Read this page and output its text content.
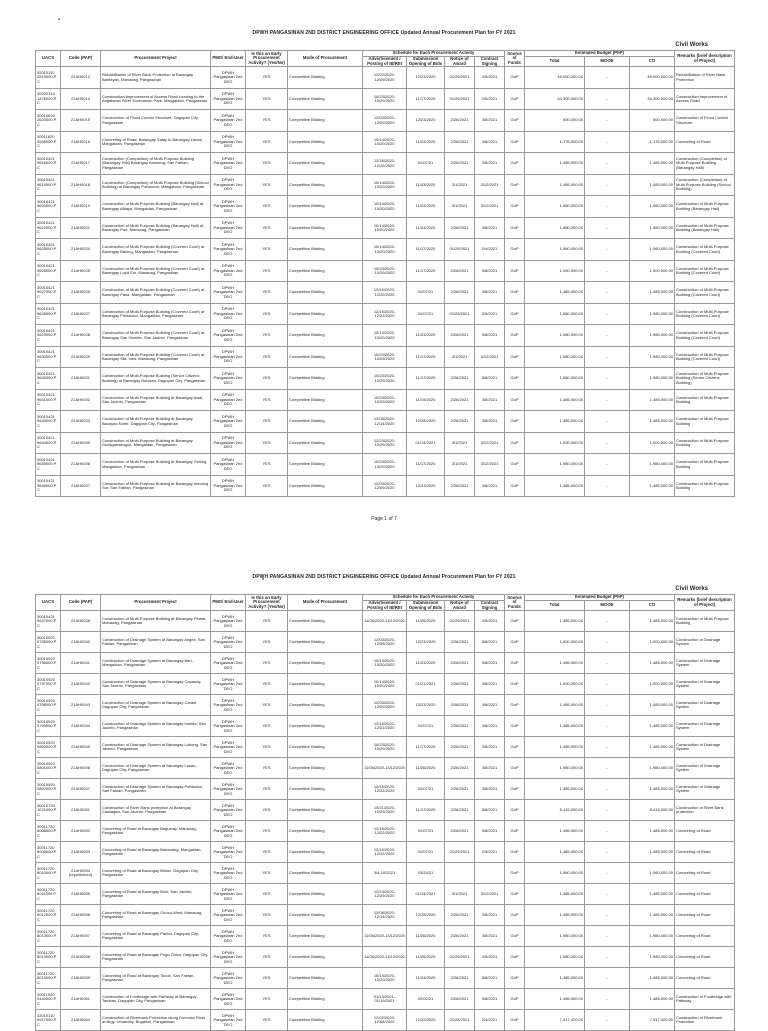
DPWH PANGASINAN 2ND DISTRICT ENGINEERING OFFICE Updated Annual Procurement Plan for FY 2021
Civil Works
UACS	Code (PAP)	Procurement Project	PMO/ End-User	Is this an Early Procurement Activity? (Yes/No)	Mode of Procurement	Schedule for Each Procurement Activity				Source of Funds	Estimated Budget (PhP)			Remarks (brief description of Project)
						Advertisement / Posting of IB/REI	Submission/ Opening of Bids	Notice of Award	Contract Signing		Total	MOOE	CO	
32010110 0519000.P C	21AH0012	Rehabilitation of River Bank Protection at Barangay Bantayan, Manaoag, Pangasinan	DPWH Pangasinan 2nd DEO	YES	Competitive Bidding	12/02/2020-12/09/2020	12/23/2020	01/29/2021	2/5/2021	GoP	49,000,000.00	-	49,000,000.00	Rehabilitation of River Bank Protection
30020310 1476000.P C	21AH0014	Construction/Improvement of Access Road Leading to the Angalacan River Ecotourism Park, Mangaldan, Pangasinan	DPWH Pangasinan 2nd DEO	YES	Competitive Bidding	10/23/2020-10/29/2020	11/17/2020	01/29/2021	2/5/2021	GoP	34,300,000.00	-	34,300,000.00	Construction/Improvement of Access Road
30010620 2620000.P C	21AH0015	Construction of Flood Control Structure, Dagupan City, Pangasinan	DPWH Pangasinan 2nd DEO	YES	Competitive Bidding	12/03/2020-12/09/2020	12/23/2020	2/26/2021	3/8/2021	GoP	500,000.00	-	500,000.00	Construction of Flood Control Structure
30011620 3945000.P C	21AH0016	Concreting of Road, Barangay Salay to Barangay Lanas, Mangaldan, Pangasinan	DPWH Pangasinan 2nd DEO	YES	Competitive Bidding	10/14/2020-10/20/2020	11/03/2020	2/26/2021	3/8/2021	GoP	1,176,000.00	-	1,176,000.00	Concreting of Road
30010421 9616000.P C	21AH0017	Construction (Completion) of Multi-Purpose Building (Barangay Hall) Barangay Anonang, San Fabian, Pangasinan	DPWH Pangasinan 2nd DEO	YES	Competitive Bidding	12/16/2020-12/22/2020	01/07/21	2/26/2021	3/8/2021	GoP	1,485,000.00	-	1,485,000.00	Construction (Completion) of Multi-Purpose Building (Barangay Hall)
30010421 9619000.P C	21AH0018	Construction (Completion) of Multi-Purpose Building (School Building) at Barangay Poblacion, Mangaldan, Pangasinan	DPWH Pangasinan 2nd DEO	YES	Competitive Bidding	10/14/2020-10/20/2020	11/03/2020	3/1/2021	3/12/2021	GoP	1,485,000.00	-	1,485,000.00	Construction (Completion) of Multi-Purpose Building (School Building)
30010421 9620000.P C	21AH0019	Construction of Multi-Purpose Building (Barangay Hall) at Barangay Alitaya, Mangaldan, Pangasinan	DPWH Pangasinan 2nd DEO	YES	Competitive Bidding	10/14/2020-10/20/2020	11/03/2020	3/1/2021	3/12/2021	GoP	1,980,000.00	-	1,980,000.00	Construction of Multi-Purpose Building (Barangay Hall)
30010421 9622000.P C	21AH0021	Construction of Multi-Purpose Building (Barangay Hall) at Barangay Pao, Manaoag, Pangasinan	DPWH Pangasinan 2nd DEO	YES	Competitive Bidding	10/14/2020-10/20/2020	11/03/2020	2/26/2021	3/8/2021	GoP	1,980,000.00	-	1,980,000.00	Construction of Multi-Purpose Building (Barangay Hall)
30010421 9625000.P C	21AH0024	Construction of Multi-Purpose Building (Covered Court) at Barangay Balong, Mangaldan, Pangasinan	DPWH Pangasinan 2nd DEO	YES	Competitive Bidding	10/14/2020-10/20/2020	11/17/2020	01/29/2021	2/4/2021	GoP	1,980,000.00	-	1,980,000.00	Construction of Multi-Purpose Building (Covered Court)
30010421 9626000.P C	21AH0025	Construction of Multi-Purpose Building (Covered Court) at Barangay Lupit Sur, Manaoag, Pangasinan	DPWH Pangasinan 2nd DEO	YES	Competitive Bidding	10/23/2020-10/29/2020	11/17/2020	2/26/2021	3/8/2021	GoP	1,000,000.00	-	1,000,000.00	Construction of Multi-Purpose Building (Covered Court)
30010421 9627000.P C	21AH0026	Construction of Multi-Purpose Building (Covered Court) at Barangay Pasa, Mangaldan, Pangasinan	DPWH Pangasinan 2nd DEO	YES	Competitive Bidding	12/16/2020-12/22/2020	01/07/21	2/26/2021	3/8/2021	GoP	1,485,000.00	-	1,485,000.00	Construction of Multi-Purpose Building (Covered Court)
30010421 9628000.P C	21AH0027	Construction of Multi-Purpose Building (Covered Court) at Barangay Poblacion, Mangaldan, Pangasinan	DPWH Pangasinan 2nd DEO	YES	Competitive Bidding	12/16/2020-12/22/2020	01/07/21	01/29/2021	2/5/2021	GoP	1,980,000.00	-	1,980,000.00	Construction of Multi-Purpose Building (Covered Court)
30010421 9629000.P C	21AH0028	Construction of Multi-Purpose Building (Covered Court) at Barangay San Vicente, San Jacinto, Pangasinan	DPWH Pangasinan 2nd DEO	YES	Competitive Bidding	10/14/2020-10/20/2020	11/03/2020	2/26/2021	3/8/2021	GoP	1,980,000.00	-	1,980,000.00	Construction of Multi-Purpose Building (Covered Court)
30010421 9630000.P C	21AH0029	Construction of Multi-Purpose Building (Covered Court) at Barangay Sta. Ines, Manaoag, Pangasinan	DPWH Pangasinan 2nd DEO	YES	Competitive Bidding	10/23/2020-10/29/2020	11/17/2020	3/1/2021	3/12/2021	GoP	1,980,000.00	-	1,980,000.00	Construction of Multi-Purpose Building (Covered Court)
30010421 9640000.P C	21AH0031	Construction of Multi-Purpose Building (Senior Citizens Building) at Barangay Bolosan, Dagupan City, Pangasinan	DPWH Pangasinan 2nd DEO	YES	Competitive Bidding	10/23/2020-10/29/2020	11/17/2020	2/26/2021	3/8/2021	GoP	1,980,000.00	-	1,980,000.00	Construction of Multi-Purpose Building (Senior Citizens Building)
30010421 9641000.P C	21AH0032	Construction of Multi-Purpose Building at Barangay Awai, San Jacinto, Pangasinan	DPWH Pangasinan 2nd DEO	YES	Competitive Bidding	10/23/2020-10/29/2020	11/19/2020	2/26/2021	3/8/2021	GoP	1,485,000.00	-	1,485,000.00	Construction of Multi-Purpose Building
30010421 9643000.P C	21AH0033	Construction of Multi-Purpose Building at Barangay Bacayao Norte, Dagupan City, Pangasinan	DPWH Pangasinan 2nd DEO	YES	Competitive Bidding	12/08/2020-12/14/2020	12/28/2020	2/26/2021	3/8/2021	GoP	1,485,000.00	-	1,485,000.00	Construction of Multi-Purpose Building
30010421 9644000.P C	21AH0035	Construction of Multi-Purpose Building at Barangay Guesguesangon, Mangaldan, Pangasinan	DPWH Pangasinan 2nd DEO	YES	Competitive Bidding	12/23/2020-12/29/2020	01/14/2021	3/1/2021	3/12/2021	GoP	1,000,000.00	-	1,000,000.00	Construction of Multi-Purpose Building
30010421 9645000.P C	21AH0036	Construction of Multi-Purpose Building at Barangay Guiling, Mangaldan, Pangasinan	DPWH Pangasinan 2nd DEO	YES	Competitive Bidding	10/23/2020-10/29/2020	11/17/2020	3/1/2021	3/12/2021	GoP	1,980,000.00	-	1,980,000.00	Construction of Multi-Purpose Building
30010421 9646000.P C	21AH0037	Construction of Multi-Purpose Building at Barangay Inmalog Sur, San Fabian, Pangasinan	DPWH Pangasinan 2nd DEO	YES	Competitive Bidding	12/03/2020-12/09/2020	12/23/2020	2/26/2021	3/8/2021	GoP	1,485,000.00	-	1,485,000.00	Construction of Multi-Purpose Building
Page 1 of 7
DPWH PANGASINAN 2ND DISTRICT ENGINEERING OFFICE Updated Annual Procurement Plan for FY 2021
Civil Works
UACS	Code (PAP)	Procurement Project	PMO/ End-User	Is this an Early Procurement Activity? (Yes/No)	Mode of Procurement	Schedule for Each Procurement Activity				Source of Funds	Estimated Budget (PhP)			Remarks (brief description of Project)
						Advertisement / Posting of IB/REI	Submission/ Opening of Bids	Notice of Award	Contract Signing		Total	MOOE	CO	
30010421 9647000.P C	21AH0038	Construction of Multi-Purpose Building at Barangay Pantal, Manaoag, Pangasinan	DPWH Pangasinan 2nd DEO	YES	Competitive Bidding	11/06/2020-11/12/2020	11/26/2020	01/29/2021	2/5/2021	GoP	1,485,000.00	-	1,485,000.00	Construction of Multi-Purpose Building
30010920 0795000.P C	21AH0040	Construction of Drainage System at Barangay Anges, San Fabian, Pangasinan	DPWH Pangasinan 2nd DEO	YES	Competitive Bidding	12/03/2020-12/09/2020	12/23/2020	2/26/2021	3/8/2021	GoP	1,000,000.00	-	1,000,000.00	Construction of Drainage System
30010920 0796000.P C	21AH0041	Construction of Drainage System at Barangay Bari, Mangaldan, Pangasinan	DPWH Pangasinan 2nd DEO	YES	Competitive Bidding	10/14/2020-10/20/2020	11/03/2020	2/26/2021	3/8/2021	GoP	1,485,000.00	-	1,485,000.00	Construction of Drainage System
30010920 0797000.P C	21AH0042	Construction of Drainage System at Barangay Capaoay, San Jacinto, Pangasinan	DPWH Pangasinan 2nd DEO	YES	Competitive Bidding	10/14/2020-10/20/2020	01/21/2021	2/26/2021	3/8/2021	GoP	1,000,000.00	-	1,000,000.00	Construction of Drainage System
30010920 0798000.P C	21AH0043	Construction of Drainage System at Barangay Carael, Dagupan City, Pangasinan	DPWH Pangasinan 2nd DEO	YES	Competitive Bidding	12/03/2020-12/09/2020	12/23/2020	2/26/2021	3/8/2021	GoP	1,485,000.00	-	1,485,000.00	Construction of Drainage System
30010920 0799000.P C	21AH0044	Construction of Drainage System at Barangay Imelda, San Jacinto, Pangasinan	DPWH Pangasinan 2nd DEO	YES	Competitive Bidding	12/16/2020-12/22/2020	01/07/21	2/26/2021	3/8/2021	GoP	1,485,000.00	-	1,485,000.00	Construction of Drainage System
30010920 0800000.P C	21AH0045	Construction of Drainage System at Barangay Lobong, San Jacinto, Pangasinan	DPWH Pangasinan 2nd DEO	YES	Competitive Bidding	10/23/2020-10/29/2020	11/17/2020	2/26/2021	3/8/2021	GoP	1,485,000.00	-	1,485,000.00	Construction of Drainage System
30010920 0801000.P C	21AH0046	Construction of Drainage System at Barangay Lucao, Dagupan City, Pangasinan	DPWH Pangasinan 2nd DEO	YES	Competitive Bidding	11/06/2020-11/12/2020	11/26/2020	2/26/2021	3/8/2021	GoP	1,980,000.00	-	1,980,000.00	Construction of Drainage System
30010920 0802000.P C	21AH0047	Construction of Drainage System at Barangay Poblacion, San Fabian, Pangasinan	DPWH Pangasinan 2nd DEO	YES	Competitive Bidding	12/16/2020-12/22/2020	01/07/21	2/26/2021	3/8/2021	GoP	1,485,000.00	-	1,485,000.00	Construction of Drainage System
30010720 1021000.P C	21AH0051	Construction of River Bank protection at Barangay Casilagan, San Jacinto, Pangasinan	DPWH Pangasinan 2nd DEO	YES	Competitive Bidding	10/21/2020-10/29/2020	11/17/2020	2/26/2021	3/8/2021	GoP	8,415,000.00	-	8,415,000.00	Construction of River Bank protection
30011720 8008000.P C	21AH0052	Concreting of Road at Barangay Baguinay, Manaoag, Pangasinan	DPWH Pangasinan 2nd DEO	YES	Competitive Bidding	12/16/2020-12/22/2020	01/07/21	2/26/2021	3/8/2021	GoP	1,485,000.00	-	1,485,000.00	Concreting of Road
30011720 8009000.P C	21AH0053	Concreting of Road at Barangay Banaoang, Mangaldan, Pangasinan	DPWH Pangasinan 2nd DEO	YES	Competitive Bidding	12/16/2020-12/22/2020	01/07/21	01/29/2021	2/5/2021	GoP	1,485,000.00	-	1,485,000.00	Concreting of Road
30011720 8010000.P C	21AH0054 (republished)	Concreting of Road at Barangay Binloc, Dagupan City, Pangasinan	DPWH Pangasinan 2nd DEO	YES	Competitive Bidding	3/4-10/2021	03/24/21			GoP	1,980,000.00	-	1,980,000.00	Concreting of Road
30011720 8011000.P C	21AH0055	Concreting of Road at Barangay Bolo, San Jacinto, Pangasinan	DPWH Pangasinan 2nd DEO	YES	Competitive Bidding	12/23/2020-12/29/2020	01/14/2021	3/1/2021	3/12/2021	GoP	1,485,000.00	-	1,485,000.00	Concreting of Road
30011720 8012000.P C	21AH0056	Concreting of Road at Barangay Ococo-West, Manaoag, Pangasinan	DPWH Pangasinan 2nd DEO	YES	Competitive Bidding	12/08/2020-12/14/2020	12/28/2020	2/26/2021	3/8/2021	GoP	1,485,000.00	-	1,485,000.00	Concreting of Road
30011720 8013000.P C	21AH0057	Concreting of Road at Barangay Pantal, Dagupan City, Pangasinan	DPWH Pangasinan 2nd DEO	YES	Competitive Bidding	11/06/2020-11/12/2020	11/26/2020	2/26/2021	3/8/2021	GoP	1,980,000.00	-	1,980,000.00	Concreting of Road
30011720 8014000.P C	21AH0058	Concreting of Road at Barangay Pogo Chico, Dagupan City, Pangasinan	DPWH Pangasinan 2nd DEO	YES	Competitive Bidding	11/06/2020-11/12/2020	11/26/2020	01/29/2021	2/5/2021	GoP	1,980,000.00	-	1,980,000.00	Concreting of Road
30011720 8015000.P C	21AH0059	Concreting of Road at Barangay Tocok, San Fabian, Pangasinan	DPWH Pangasinan 2nd DEO	YES	Competitive Bidding	10/14/2020-10/20/2020	11/03/2020	2/26/2021	3/8/2021	GoP	1,485,000.00	-	1,485,000.00	Concreting of Road
30011920 0440000.P C	21AH0061	Construction of Footbridge with Pathway at Barangay Tambac, Dagupan City, Pangasinan	DPWH Pangasinan 2nd DEO	YES	Competitive Bidding	01/13/2021-01/19/2021	02/02/21	2/26/2021	3/8/2021	GoP	1,485,000.00	-	1,485,000.00	Construction of Footbridge with Pathway
32010110 0517000.P C	21AH0064	Construction of Riverbank Protection along Dumuloc River at Brgy. Umanday, Bugallon, Pangasinan	DPWH Pangasinan 2nd DEO	YES	Competitive Bidding	12/02/2020-12/08/2020	12/22/2020	01/28/2021	2/4/2021	GoP	7,917,420.00	-	7,917,420.00	Construction of Riverbank Protection
